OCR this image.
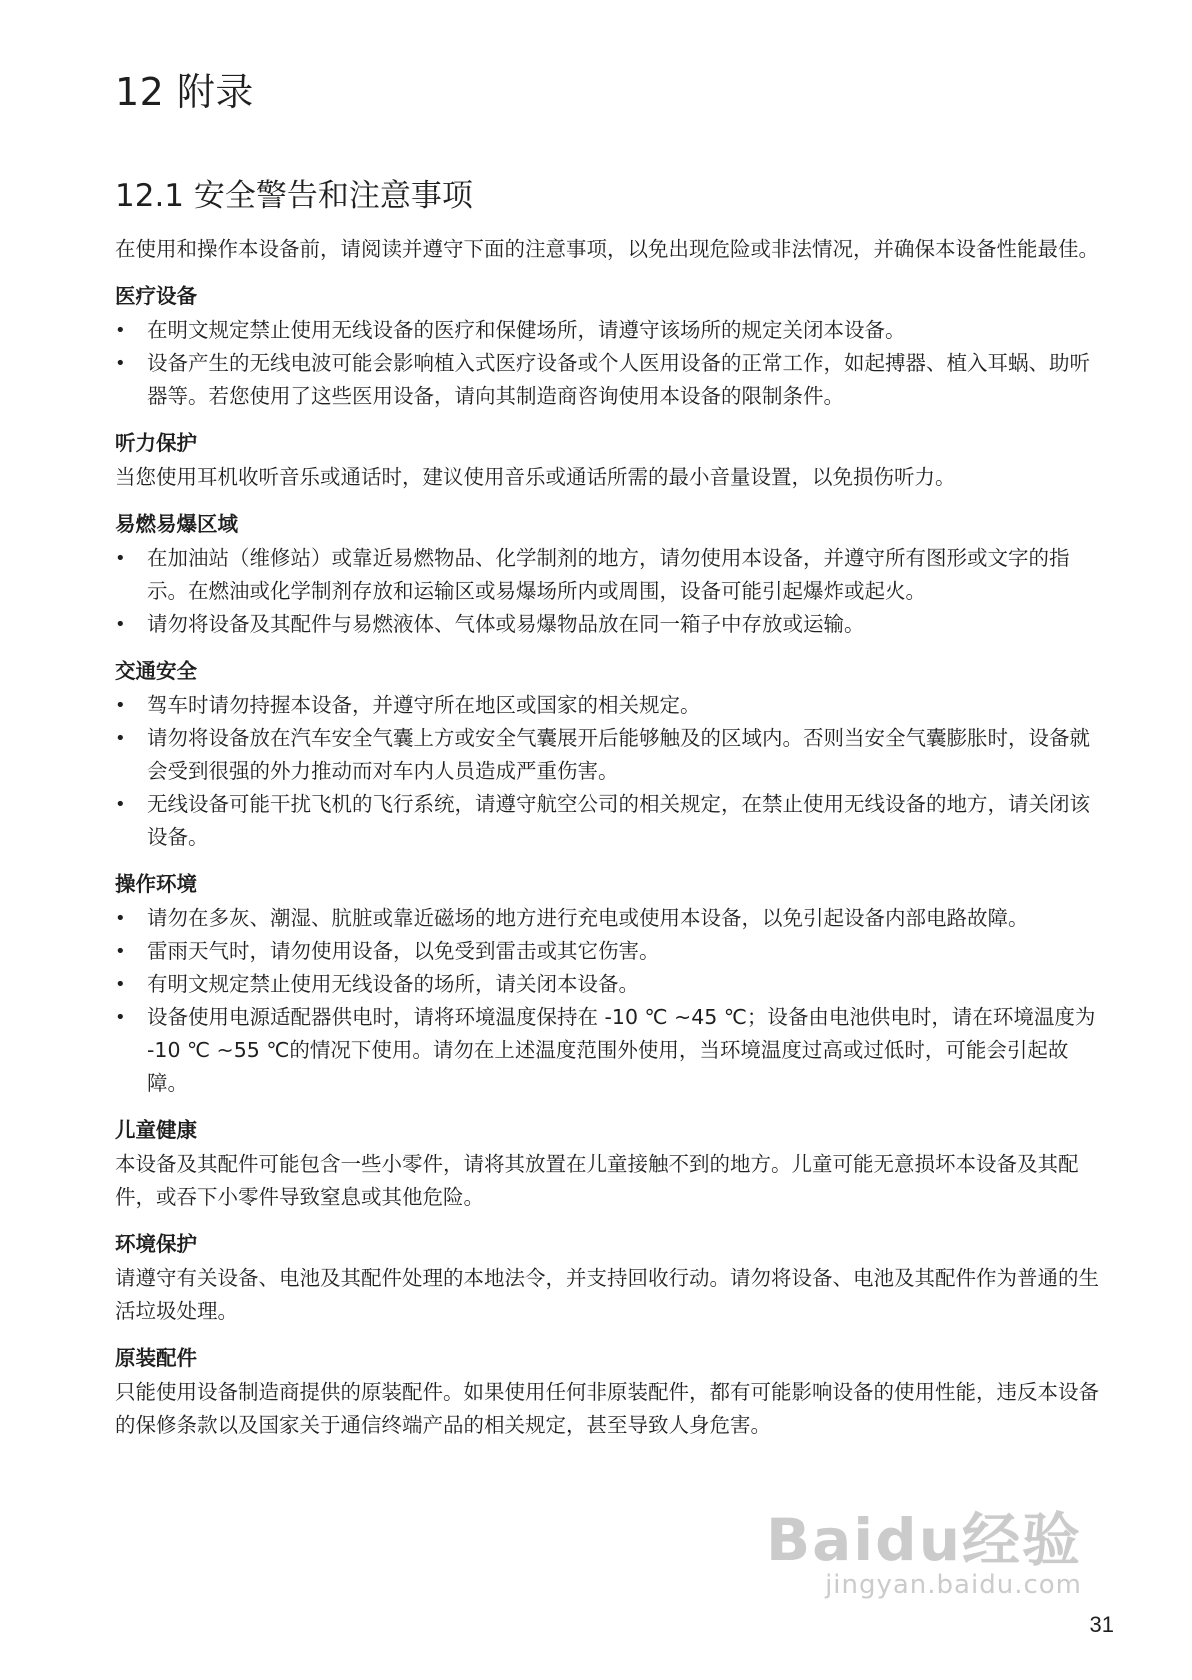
12 附录
12.1 安全警告和注意事项

在使用和操作本设备前，请阅读并遵守下面的注意事项，以免出现危险或非法情况，并确保本设备性能最佳。

医疗设备
• 在明文规定禁止使用无线设备的医疗和保健场所，请遵守该场所的规定关闭本设备。
• 设备产生的无线电波可能会影响植入式医疗设备或个人医用设备的正常工作，如起搏器、植入耳蜗、助听器等。若您使用了这些医用设备，请向其制造商咨询使用本设备的限制条件。
听力保护

当您使用耳机收听音乐或通话时，建议使用音乐或通话所需的最小音量设置，以免损伤听力。

易燃易爆区域
• 在加油站（维修站）或靠近易燃物品、化学制剂的地方，请勿使用本设备，并遵守所有图形或文字的指示。在燃油或化学制剂存放和运输区或易爆场所内或周围，设备可能引起爆炸或起火。
• 请勿将设备及其配件与易燃液体、气体或易爆物品放在同一箱子中存放或运输。
交通安全
• 驾车时请勿持握本设备，并遵守所在地区或国家的相关规定。
• 请勿将设备放在汽车安全气囊上方或安全气囊展开后能够触及的区域内。否则当安全气囊膨胀时，设备就会受到很强的外力推动而对车内人员造成严重伤害。
• 无线设备可能干扰飞机的飞行系统，请遵守航空公司的相关规定，在禁止使用无线设备的地方，请关闭该设备。
操作环境
• 请勿在多灰、潮湿、肮脏或靠近磁场的地方进行充电或使用本设备，以免引起设备内部电路故障。
• 雷雨天气时，请勿使用设备，以免受到雷击或其它伤害。
• 有明文规定禁止使用无线设备的场所，请关闭本设备。
• 设备使用电源适配器供电时，请将环境温度保持在 -10 ℃ ~45 ℃；设备由电池供电时，请在环境温度为 -10 ℃ ~55 ℃的情况下使用。请勿在上述温度范围外使用，当环境温度过高或过低时，可能会引起故障。
儿童健康

本设备及其配件可能包含一些小零件，请将其放置在儿童接触不到的地方。儿童可能无意损坏本设备及其配件，或吞下小零件导致窒息或其他危险。

环境保护

请遵守有关设备、电池及其配件处理的本地法令，并支持回收行动。请勿将设备、电池及其配件作为普通的生活垃圾处理。

原装配件

只能使用设备制造商提供的原装配件。如果使用任何非原装配件，都有可能影响设备的使用性能，违反本设备的保修条款以及国家关于通信终端产品的相关规定，甚至导致人身危害。

Baidu经验
jingyan.baidu.com
31
